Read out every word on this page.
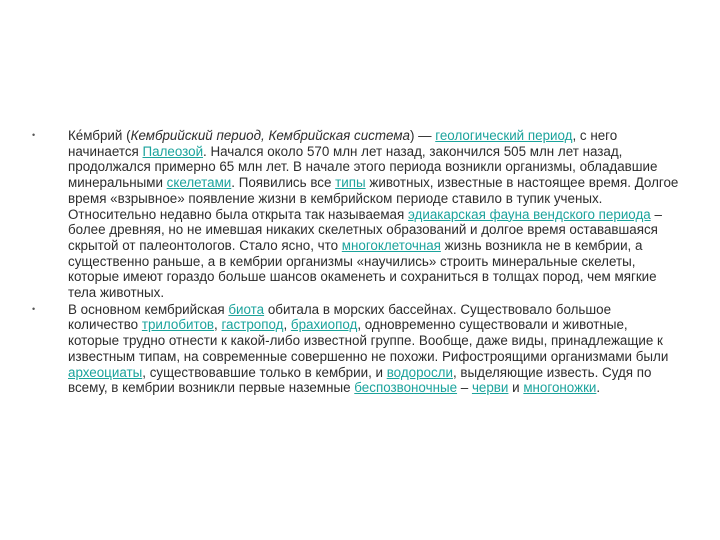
• Ке́мбрий (Кембрийский период, Кембрийская система) — геологический период, с него начинается Палеозой. Начался около 570 млн лет назад, закончился 505 млн лет назад, продолжался примерно 65 млн лет. В начале этого периода возникли организмы, обладавшие минеральными скелетами. Появились все типы животных, известные в настоящее время. Долгое время «взрывное» появление жизни в кембрийском периоде ставило в тупик ученых. Относительно недавно была открыта так называемая эдиакарская фауна вендского периода – более древняя, но не имевшая никаких скелетных образований и долгое время остававшаяся скрытой от палеонтологов. Стало ясно, что многоклеточная жизнь возникла не в кембрии, а существенно раньше, а в кембрии организмы «научились» строить минеральные скелеты, которые имеют гораздо больше шансов окаменеть и сохраниться в толщах пород, чем мягкие тела животных.
• В основном кембрийская биота обитала в морских бассейнах. Существовало большое количество трилобитов, гастропод, брахиопод, одновременно существовали и животные, которые трудно отнести к какой-либо известной группе. Вообще, даже виды, принадлежащие к известным типам, на современные совершенно не похожи. Рифостроящими организмами были археоциаты, существовавшие только в кембрии, и водоросли, выделяющие известь. Судя по всему, в кембрии возникли первые наземные беспозвоночные – черви и многоножки.
